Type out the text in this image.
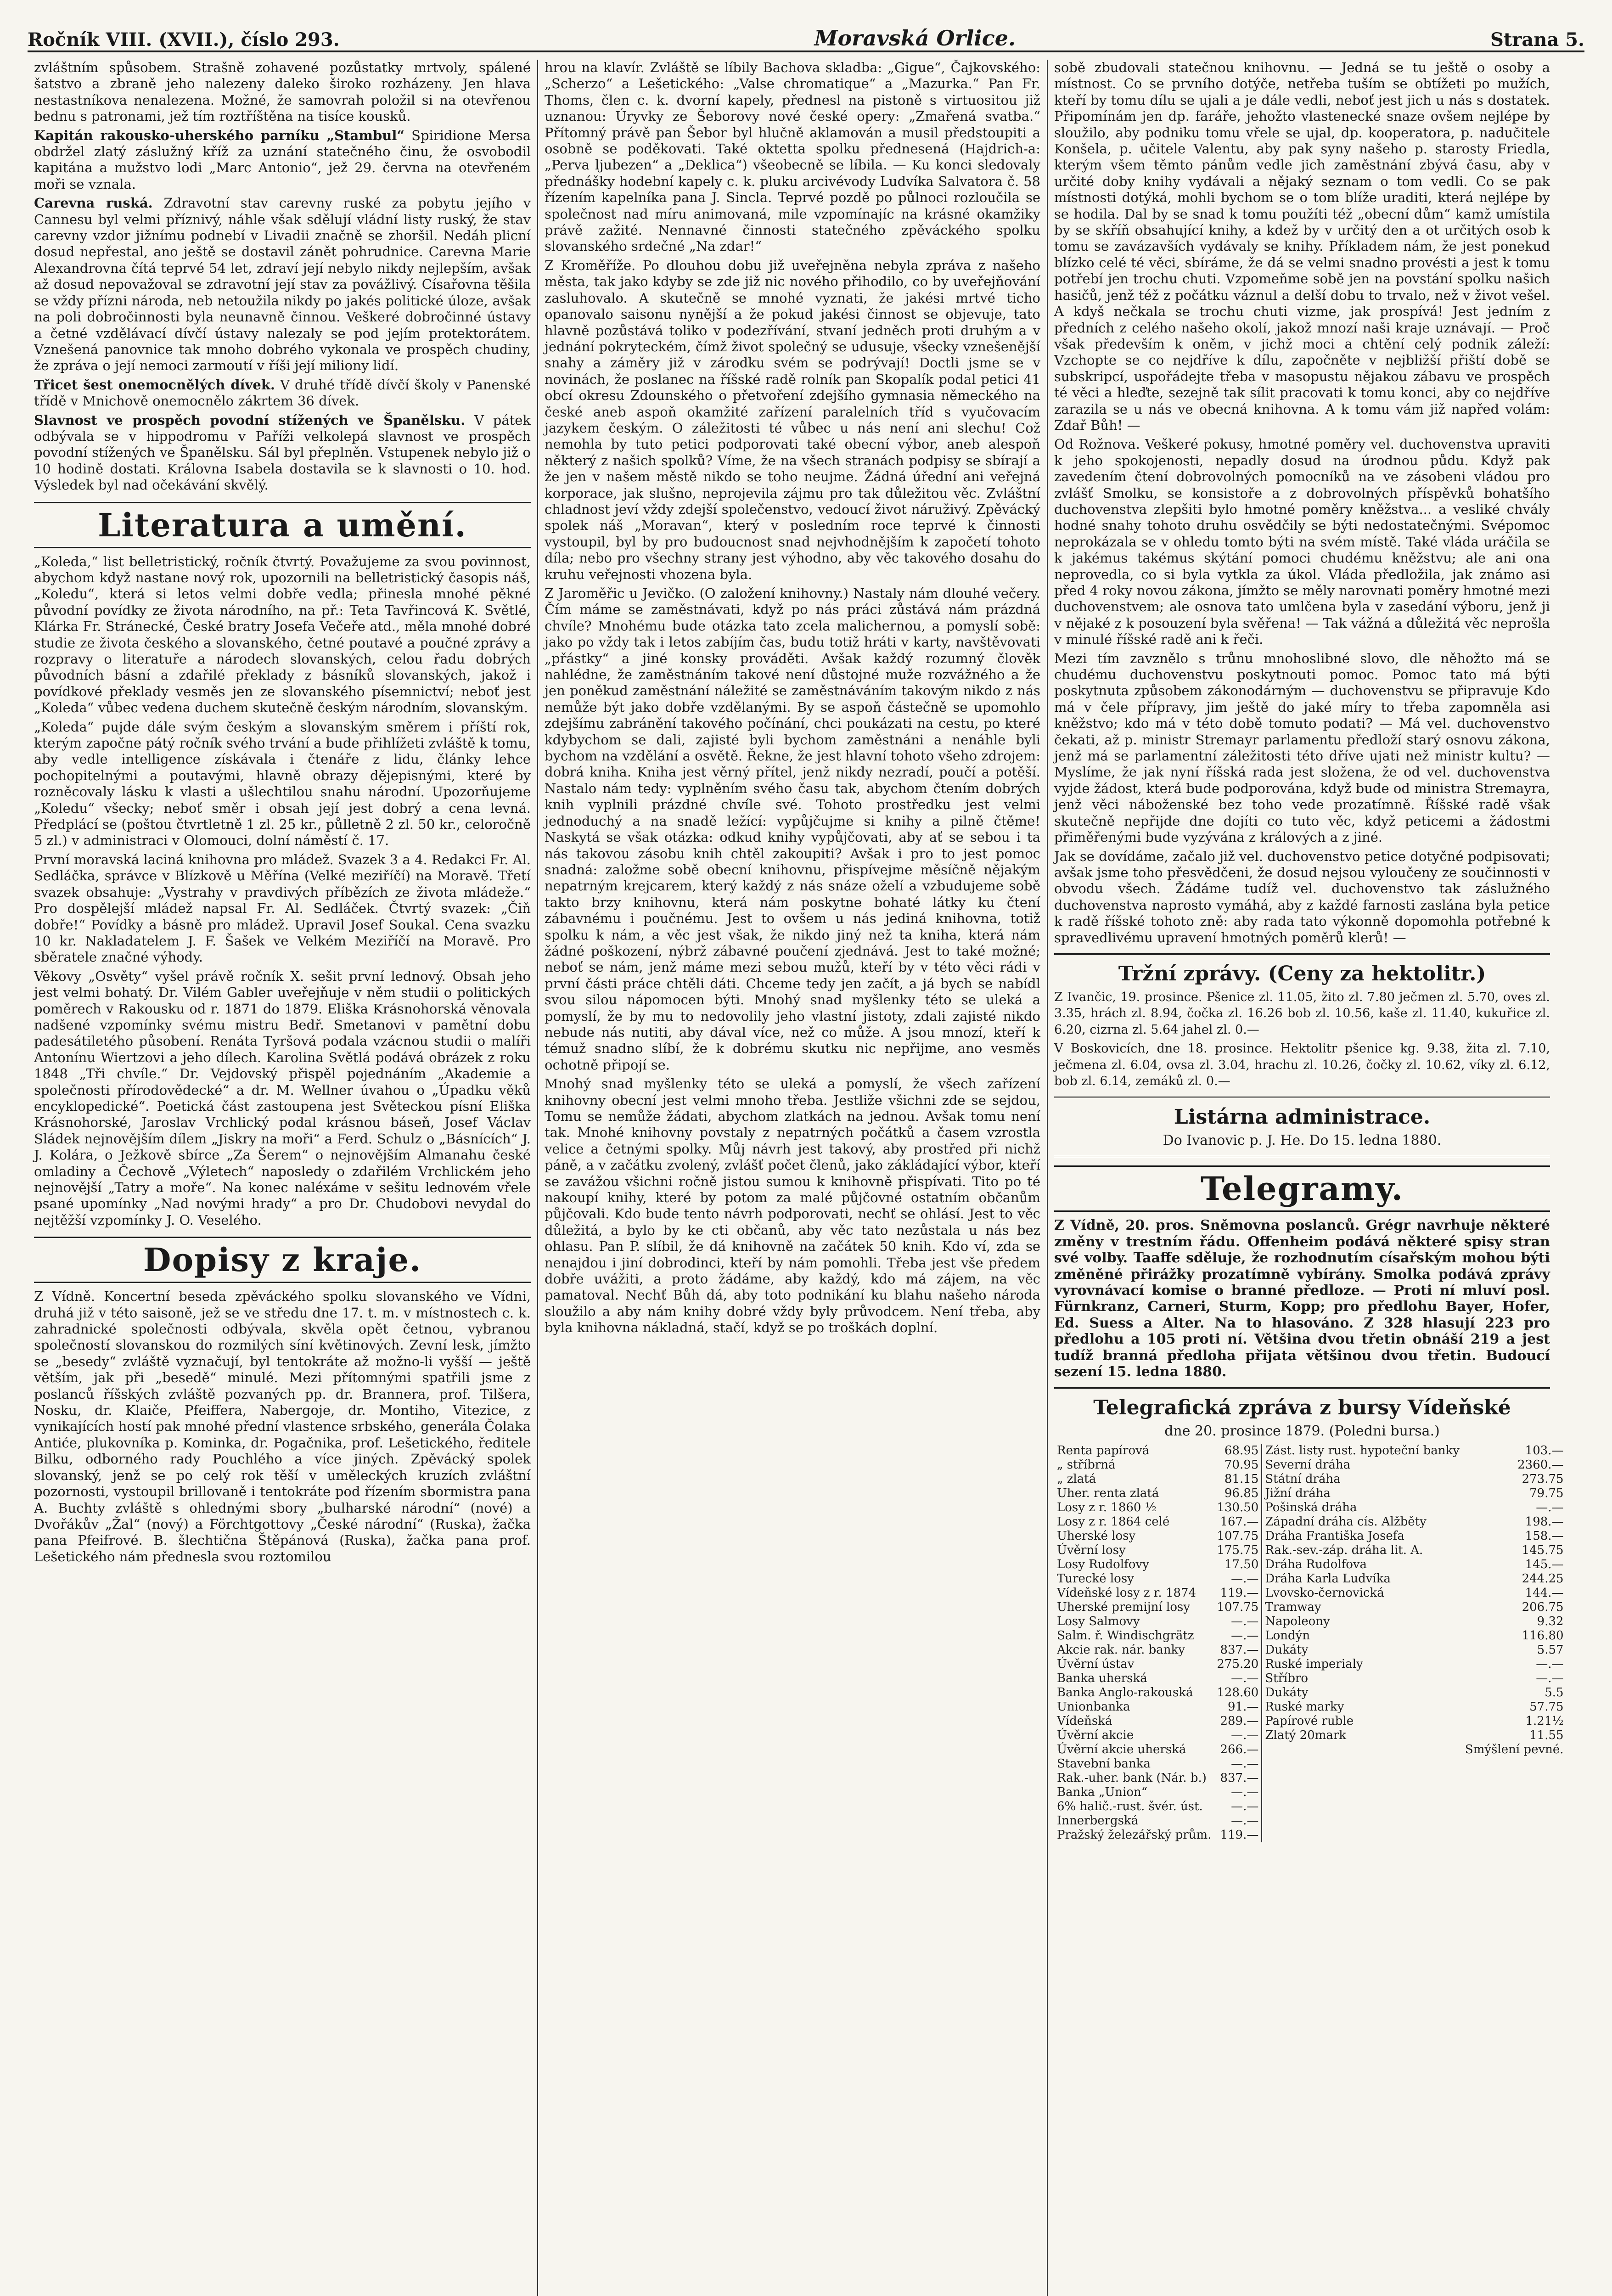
Ročník VIII. (XVII.), číslo 293.	Moravská Orlice.	Strana 5.

zvláštním spůsobem. Strašně zohavené pozůstatky mrtvoly, spálené šatstvo a zbraně jeho nalezeny daleko široko rozházeny. Jen hlava nestastníkova nenalezena. Možné, že samovrah položil si na otevřenou bednu s patronami, jež tím roztříštěna na tisíce kousků.

Kapitán rakousko-uherského parníku „Stambul“ Spiridione Mersa obdržel zlatý záslužný kříž za uznání statečného činu, že osvobodil kapitána a mužstvo lodi „Marc Antonio“, jež 29. června na otevřeném moři se vznala.

Carevna ruská. Zdravotní stav carevny ruské za pobytu jejího v Cannesu byl velmi příznivý, náhle však sdělují vládní listy ruský, že stav carevny vzdor jižnímu podnebí v Livadii značně se zhoršil. Nedáh plicní dosud nepřestal, ano ještě se dostavil zánět pohrudnice. Carevna Marie Alexandrovna čítá teprvé 54 let, zdraví její nebylo nikdy nejlepším, avšak až dosud nepovažoval se zdravotní její stav za povážlivý. Císařovna těšila se vždy přízni národa, neb netoužila nikdy po jakés politické úloze, avšak na poli dobročinnosti byla neunavně činnou. Veškeré dobročinné ústavy a četné vzdělávací dívčí ústavy nalezaly se pod jejím protektorátem. Vznešená panovnice tak mnoho dobrého vykonala ve prospěch chudiny, že zpráva o její nemoci zarmoutí v říši její miliony lidí.

Třicet šest onemocnělých dívek. V druhé třídě dívčí školy v Panenské třídě v Mnichově onemocnělo zákrtem 36 dívek.

Slavnost ve prospěch povodní stížených ve Španělsku. V pátek odbývala se v hippodromu v Paříži velkolepá slavnost ve prospěch povodní stížených ve Španělsku. Sál byl přeplněn. Vstupenek nebylo již o 10 hodině dostati. Královna Isabela dostavila se k slavnosti o 10. hod. Výsledek byl nad očekávání skvělý.

Literatura a umění.

„Koleda,“ list belletristický, ročník čtvrtý. Považujeme za svou povinnost, abychom když nastane nový rok, upozornili na belletristický časopis náš, „Koledu“, která si letos velmi dobře vedla; přinesla mnohé pěkné původní povídky ze života národního, na př.: Teta Tavřincová K. Světlé, Klárka Fr. Stránecké, České bratry Josefa Večeře atd., měla mnohé dobré studie ze života českého a slovanského, četné poutavé a poučné zprávy a rozpravy o literatuře a národech slovanských, celou řadu dobrých původních básní a zdařilé překlady z básníků slovanských, jakož i povídkové překlady vesměs jen ze slovanského písemnictví; neboť jest „Koleda“ vůbec vedena duchem skutečně českým národním, slovanským.

„Koleda“ pujde dále svým českým a slovanským směrem i příští rok, kterým započne pátý ročník svého trvání a bude přihlížeti zvláště k tomu, aby vedle intelligence získávala i čtenáře z lidu, články lehce pochopitelnými a poutavými, hlavně obrazy dějepisnými, které by rozněcovaly lásku k vlasti a ušlechtilou snahu národní. Upozorňujeme „Koledu“ všecky; neboť směr i obsah její jest dobrý a cena levná. Předplácí se (poštou čtvrtletně 1 zl. 25 kr., půlletně 2 zl. 50 kr., celoročně 5 zl.) v administraci v Olomouci, dolní náměstí č. 17.

První moravská laciná knihovna pro mládež. Svazek 3 a 4. Redakci Fr. Al. Sedláčka, správce v Blízkově u Měřína (Velké meziříčí) na Moravě. Třetí svazek obsahuje: „Vystrahy v pravdivých příbězích ze života mládeže.“ Pro dospělejší mládež napsal Fr. Al. Sedláček. Čtvrtý svazek: „Čiň dobře!“ Povídky a básně pro mládež. Upravil Josef Soukal. Cena svazku 10 kr. Nakladatelem J. F. Šašek ve Velkém Meziříčí na Moravě. Pro sběratele značné výhody.

Věkovy „Osvěty“ vyšel právě ročník X. sešit první lednový. Obsah jeho jest velmi bohatý. Dr. Vilém Gabler uveřejňuje v něm studii o politických poměrech v Rakousku od r. 1871 do 1879. Eliška Krásnohorská věnovala nadšené vzpomínky svému mistru Bedř. Smetanovi v pamětní dobu padesátiletého působení. Renáta Tyršová podala vzácnou studii o malíři Antonínu Wiertzovi a jeho dílech. Karolina Světlá podává obrázek z roku 1848 „Tři chvíle.“ Dr. Vejdovský přispěl pojednáním „Akademie a společnosti přírodovědecké“ a dr. M. Wellner úvahou o „Úpadku věků encyklopedické“. Poetická část zastoupena jest Světeckou písní Eliška Krásnohorské, Jaroslav Vrchlický podal krásnou báseň, Josef Václav Sládek nejnovějším dílem „Jiskry na moři“ a Ferd. Schulz o „Básnících“ J. J. Kolára, o Ježkově sbírce „Za Šerem“ o nejnovějším Almanahu české omladiny a Čechově „Výletech“ naposledy o zdařilém Vrchlickém jeho nejnovější „Tatry a moře“. Na konec naléxáme v sešitu lednovém vřele psané upomínky „Nad novými hrady“ a pro Dr. Chudobovi nevydal do nejtěžší vzpomínky J. O. Veselého.

Dopisy z kraje.

Z Vídně. Koncertní beseda zpěváckého spolku slovanského ve Vídni, druhá již v této saisoně, jež se ve středu dne 17. t. m. v místnostech c. k. zahradnické společnosti odbývala, skvěla opět četnou, vybranou společností slovanskou do rozmilých síní květinových. Zevní lesk, jímžto se „besedy“ zvláště vyznačují, byl tentokráte až možno-li vyšší — ještě větším, jak při „besedě“ minulé. Mezi přítomnými spatřili jsme z poslanců říšských zvláště pozvaných pp. dr. Brannera, prof. Tilšera, Nosku, dr. Klaiče, Pfeiffera, Nabergoje, dr. Montiho, Vitezice, z vynikajících hostí pak mnohé přední vlastence srbského, generála Čolaka Antiće, plukovníka p. Kominka, dr. Pogačnika, prof. Lešetického, ředitele Bilku, odborného rady Pouchlého a více jiných. Zpěvácký spolek slovanský, jenž se po celý rok těší v uměleckých kruzích zvláštní pozornosti, vystoupil brillovaně i tentokráte pod řízením sbormistra pana A. Buchty zvláště s ohlednými sbory „bulharské národní“ (nové) a Dvořákův „Žal“ (nový) a Förchtgottovy „České národní“ (Ruska), žačka pana Pfeifrové. B. šlechtična Štěpánová (Ruska), žačka pana prof. Lešetického nám přednesla svou roztomilou

hrou na klavír. Zvláště se líbily Bachova skladba: „Gigue“, Čajkovského: „Scherzo“ a Lešetického: „Valse chromatique“ a „Mazurka.“ Pan Fr. Thoms, člen c. k. dvorní kapely, přednesl na pistoně s virtuositou již uznanou: Úryvky ze Šeborovy nové české opery: „Zmařená svatba.“ Přítomný právě pan Šebor byl hlučně aklamován a musil předstoupiti a osobně se poděkovati. Také oktetta spolku přednesená (Hajdrich-a: „Perva ljubezen“ a „Deklica“) všeobecně se líbila. — Ku konci sledovaly přednášky hodební kapely c. k. pluku arcivévody Ludvíka Salvatora č. 58 řízením kapelníka pana J. Sincla. Teprvé pozdě po půlnoci rozloučila se společnost nad míru animovaná, mile vzpomínajíc na krásné okamžiky právě zažité. Nennavné činnosti statečného zpěváckého spolku slovanského srdečné „Na zdar!“

Z Kroměříže. Po dlouhou dobu již uveřejněna nebyla zpráva z našeho města, tak jako kdyby se zde již nic nového přihodilo, co by uveřejňování zasluhovalo. A skutečně se mnohé vyznati, že jakési mrtvé ticho opanovalo saisonu nynější a že pokud jakési činnost se objevuje, tato hlavně pozůstává toliko v podezřívání, stvaní jedněch proti druhým a v jednání pokryteckém, čímž život společný se udusuje, všecky vznešenější snahy a záměry již v zárodku svém se podrývají! Doctli jsme se v novinách, že poslanec na říšské radě rolník pan Skopalík podal petici 41 obcí okresu Zdounského o přetvoření zdejšího gymnasia německého na české aneb aspoň okamžité zařízení paralelních tříd s vyučovacím jazykem českým. O záležitosti té vůbec u nás není ani slechu! Což nemohla by tuto petici podporovati také obecní výbor, aneb alespoň některý z našich spolků? Víme, že na všech stranách podpisy se sbírají a že jen v našem městě nikdo se toho neujme. Žádná úřední ani veřejná korporace, jak slušno, neprojevila zájmu pro tak důležitou věc. Zvláštní chladnost jeví vždy zdejší společenstvo, vedoucí život náruživý. Zpěvácký spolek náš „Moravan“, který v posledním roce teprvé k činnosti vystoupil, byl by pro budoucnost snad nejvhodnějším k započetí tohoto díla; nebo pro všechny strany jest výhodno, aby věc takového dosahu do kruhu veřejnosti vhozena byla.

Z Jaroměřic u Jevičko. (O založení knihovny.) Nastaly nám dlouhé večery. Čím máme se zaměstnávati, když po nás práci zůstává nám prázdná chvíle? Mnohému bude otázka tato zcela malichernou, a pomyslí sobě: jako po vždy tak i letos zabíjím čas, budu totiž hráti v karty, navštěvovati „přástky“ a jiné konsky prováděti. Avšak každý rozumný člověk nahlédne, že zaměstnáním takové není důstojné muže rozvážného a že jen poněkud zaměstnání náležité se zaměstnáváním takovým nikdo z nás nemůže být jako dobře vzdělanými. By se aspoň částečně se upomohlo zdejšímu zabránění takového počínání, chci poukázati na cestu, po které kdybychom se dali, zajisté byli bychom zaměstnáni a nenáhle byli bychom na vzdělání a osvětě. Řekne, že jest hlavní tohoto všeho zdrojem: dobrá kniha. Kniha jest věrný přítel, jenž nikdy nezradí, poučí a potěší. Nastalo nám tedy: vyplněním svého času tak, abychom čtením dobrých knih vyplnili prázdné chvíle své. Tohoto prostředku jest velmi jednoduchý a na snadě ležící: vypůjčujme si knihy a pilně čtěme! Naskytá se však otázka: odkud knihy vypůjčovati, aby ať se sebou i ta nás takovou zásobu knih chtěl zakoupiti? Avšak i pro to jest pomoc snadná: založme sobě obecní knihovnu, přispívejme měsíčně nějakým nepatrným krejcarem, který každý z nás snáze oželí a vzbudujeme sobě takto brzy knihovnu, která nám poskytne bohaté látky ku čtení zábavnému i poučnému. Jest to ovšem u nás jediná knihovna, totiž spolku k nám, a věc jest však, že nikdo jiný než ta kniha, která nám žádné poškození, nýbrž zábavné poučení zjednává. Jest to také možné; neboť se nám, jenž máme mezi sebou mužů, kteří by v této věci rádi v první části práce chtěli dáti. Chceme tedy jen začít, a já bych se nabídl svou silou nápomocen býti. Mnohý snad myšlenky této se uleká a pomyslí, že by mu to nedovolily jeho vlastní jistoty, zdali zajisté nikdo nebude nás nutiti, aby dával více, než co může. A jsou mnozí, kteří k témuž snadno slíbí, že k dobrému skutku nic nepřijme, ano vesměs ochotně připojí se.

Mnohý snad myšlenky této se uleká a pomyslí, že všech zařízení knihovny obecní jest velmi mnoho třeba. Jestliže všichni zde se sejdou, Tomu se nemůže žádati, abychom zlatkách na jednou. Avšak tomu není tak. Mnohé knihovny povstaly z nepatrných počátků a časem vzrostla velice a četnými spolky. Můj návrh jest takový, aby prostřed při nichž páně, a v začátku zvolený, zvlášť počet členů, jako zákládající výbor, kteří se zavážou všichni ročně jistou sumou k knihovně přispívati. Tito po té nakoupí knihy, které by potom za malé půjčovné ostatním občanům půjčovali. Kdo bude tento návrh podporovati, nechť se ohlásí. Jest to věc důležitá, a bylo by ke cti občanů, aby věc tato nezůstala u nás bez ohlasu. Pan P. slíbil, že dá knihovně na začátek 50 knih. Kdo ví, zda se nenajdou i jiní dobrodinci, kteří by nám pomohli. Třeba jest vše předem dobře uvážiti, a proto žádáme, aby každý, kdo má zájem, na věc pamatoval. Nechť Bůh dá, aby toto podnikání ku blahu našeho národa sloužilo a aby nám knihy dobré vždy byly průvodcem. Není třeba, aby byla knihovna nákladná, stačí, když se po troškách doplní.

sobě zbudovali statečnou knihovnu. — Jedná se tu ještě o osoby a místnost. Co se prvního dotýče, netřeba tuším se obtížeti po mužích, kteří by tomu dílu se ujali a je dále vedli, neboť jest jich u nás s dostatek. Připomínám jen dp. faráře, jehožto vlastenecké snaze ovšem nejlépe by sloužilo, aby podniku tomu vřele se ujal, dp. kooperatora, p. nadučitele Konšela, p. učitele Valentu, aby pak syny našeho p. starosty Friedla, kterým všem těmto pánům vedle jich zaměstnání zbývá času, aby v určité doby knihy vydávali a nějaký seznam o tom vedli. Co se pak místnosti dotýká, mohli bychom se o tom blíže uraditi, která nejlépe by se hodila. Dal by se snad k tomu použíti též „obecní dům“ kamž umístila by se skříň obsahující knihy, a kdež by v určitý den a ot určitých osob k tomu se zavázavších vydávaly se knihy. Příkladem nám, že jest ponekud blízko celé té věci, sbíráme, že dá se velmi snadno provésti a jest k tomu potřebí jen trochu chuti. Vzpomeňme sobě jen na povstání spolku našich hasičů, jenž též z počátku váznul a delší dobu to trvalo, než v život vešel. A kdyš nečkala se trochu chuti vizme, jak prospívá! Jest jedním z předních z celého našeho okolí, jakož mnozí naši kraje uznávají. — Proč však především k oněm, v jichž moci a chtění celý podnik záleží: Vzchopte se co nejdříve k dílu, započněte v nejbližší přiští době se subskripcí, uspořádejte třeba v masopustu nějakou zábavu ve prospěch té věci a hleďte, sezejně tak sílit pracovati k tomu konci, aby co nejdříve zarazila se u nás ve obecná knihovna. A k tomu vám již napřed volám: Zdař Bůh! —

Od Rožnova. Veškeré pokusy, hmotné poměry vel. duchovenstva upraviti k jeho spokojenosti, nepadly dosud na úrodnou půdu. Když pak zavedením čtení dobrovolných pomocníků na ve zásobeni vládou pro zvlášť Smolku, se konsistoře a z dobrovolných příspěvků bohatšího duchovenstva zlepšiti bylo hmotné poměry kněžstva... a vesliké chvály hodné snahy tohoto druhu osvědčily se býti nedostatečnými. Svépomoc neprokázala se v ohledu tomto býti na svém místě. Také vláda uráčila se k jakémus takémus skýtání pomoci chudému kněžstvu; ale ani ona neprovedla, co si byla vytkla za úkol. Vláda předložila, jak známo asi před 4 roky novou zákona, jímžto se měly narovnati poměry hmotné mezi duchovenstvem; ale osnova tato umlčena byla v zasedání výboru, jenž ji v nějaké z k posouzení byla svěřena! — Tak vážná a důležitá věc neprošla v minulé říšské radě ani k řeči.

Mezi tím zavznělo s trůnu mnohoslibné slovo, dle něhožto má se chudému duchovenstvu poskytnouti pomoc. Pomoc tato má býti poskytnuta způsobem zákonodárným — duchovenstvu se připravuje Kdo má v čele přípravy, jim ještě do jaké míry to třeba zapomněla asi kněžstvo; kdo má v této době tomuto podati? — Má vel. duchovenstvo čekati, až p. ministr Stremayr parlamentu předloží starý osnovu zákona, jenž má se parlamentní záležitosti této dříve ujati než ministr kultu? — Myslíme, že jak nyní říšská rada jest složena, že od vel. duchovenstva vyjde žádost, která bude podporována, když bude od ministra Stremayra, jenž věci náboženské bez toho vede prozatímně. Říšské radě však skutečně nepřijde dne dojíti co tuto věc, když peticemi a žádostmi přiměřenými bude vyzývána z králových a z jiné.

Jak se dovídáme, začalo již vel. duchovenstvo petice dotyčné podpisovati; avšak jsme toho přesvědčeni, že dosud nejsou vyloučeny ze součinnosti v obvodu všech. Žádáme tudíž vel. duchovenstvo tak záslužného duchovenstva naprosto vymáhá, aby z každé farnosti zaslána byla petice k radě říšské tohoto zně: aby rada tato výkonně dopomohla potřebné k spravedlivému upravení hmotných poměrů klerů! —

Tržní zprávy. (Ceny za hektolitr.)

Z Ivančic, 19. prosince. Pšenice zl. 11.05, žito zl. 7.80 ječmen zl. 5.70, oves zl. 3.35, hrách zl. 8.94, čočka zl. 16.26 bob zl. 10.56, kaše zl. 11.40, kukuřice zl. 6.20, cizrna zl. 5.64 jahel zl. 0.—

V Boskovicích, dne 18. prosince. Hektolitr pšenice kg. 9.38, žita zl. 7.10, ječmena zl. 6.04, ovsa zl. 3.04, hrachu zl. 10.26, čočky zl. 10.62, víky zl. 6.12, bob zl. 6.14, zemáků zl. 0.—

Listárna administrace.
Do Ivanovic p. J. He. Do 15. ledna 1880.
Telegramy.

Z Vídně, 20. pros. Sněmovna poslanců. Grégr navrhuje některé změny v trestním řádu. Offenheim podává některé spisy stran své volby. Taaffe sděluje, že rozhodnutím císařským mohou býti změněné přirážky prozatímně vybírány. Smolka podává zprávy vyrovnávací komise o branné předloze. — Proti ní mluví posl. Fürnkranz, Carneri, Sturm, Kopp; pro předlohu Bayer, Hofer, Ed. Suess a Alter. Na to hlasováno. Z 328 hlasují 223 pro předlohu a 105 proti ní. Většina dvou třetin obnáší 219 a jest tudíž branná předloha přijata většinou dvou třetin. Budoucí sezení 15. ledna 1880.

Telegrafická zpráva z bursy Vídeňské
dne 20. prosince 1879. (Poledni bursa.)
Renta papírová	68.95	Zást. listy rust. hypoteční banky	103.—
„ stříbrná	70.95	Severní dráha	2360.—
„ zlatá	81.15	Státní dráha	273.75
Uher. renta zlatá	96.85	Jižní dráha	79.75
Losy z r. 1860 ½	130.50	Pošinská dráha	—.—
Losy z r. 1864 celé	167.—	Západní dráha cís. Alžběty	198.—
Uherské losy	107.75	Dráha Františka Josefa	158.—
Úvěrní losy	175.75	Rak.-sev.-záp. dráha lit. A.	145.75
Losy Rudolfovy	17.50	Dráha Rudolfova	145.—
Turecké losy	—.—	Dráha Karla Ludvíka	244.25
Vídeňské losy z r. 1874	119.—	Lvovsko-černovická	144.—
Uherské premijní losy	107.75	Tramway	206.75
Losy Salmovy	—.—	Napoleony	9.32
Salm. ř. Windischgrätz	—.—	Londýn	116.80
Akcie rak. nár. banky	837.—	Dukáty	5.57
Úvěrní ústav	275.20	Ruské imperialy	—.—
Banka uherská	—.—	Stříbro	—.—
Banka Anglo-rakouská	128.60	Dukáty	5.5
Unionbanka	91.—	Ruské marky	57.75
Vídeňská	289.—	Papírové ruble	1.21½
Úvěrní akcie	—.—	Zlatý 20mark	11.55
Úvěrní akcie uherská	266.—		Smýšlení pevné.
Stavební banka	—.—		
Rak.-uher. bank (Nár. b.)	837.—		
Banka „Union“	—.—		
6% halič.-rust. švér. úst.	—.—		
Innerbergská	—.—		
Pražský železářský prům.	119.—		
